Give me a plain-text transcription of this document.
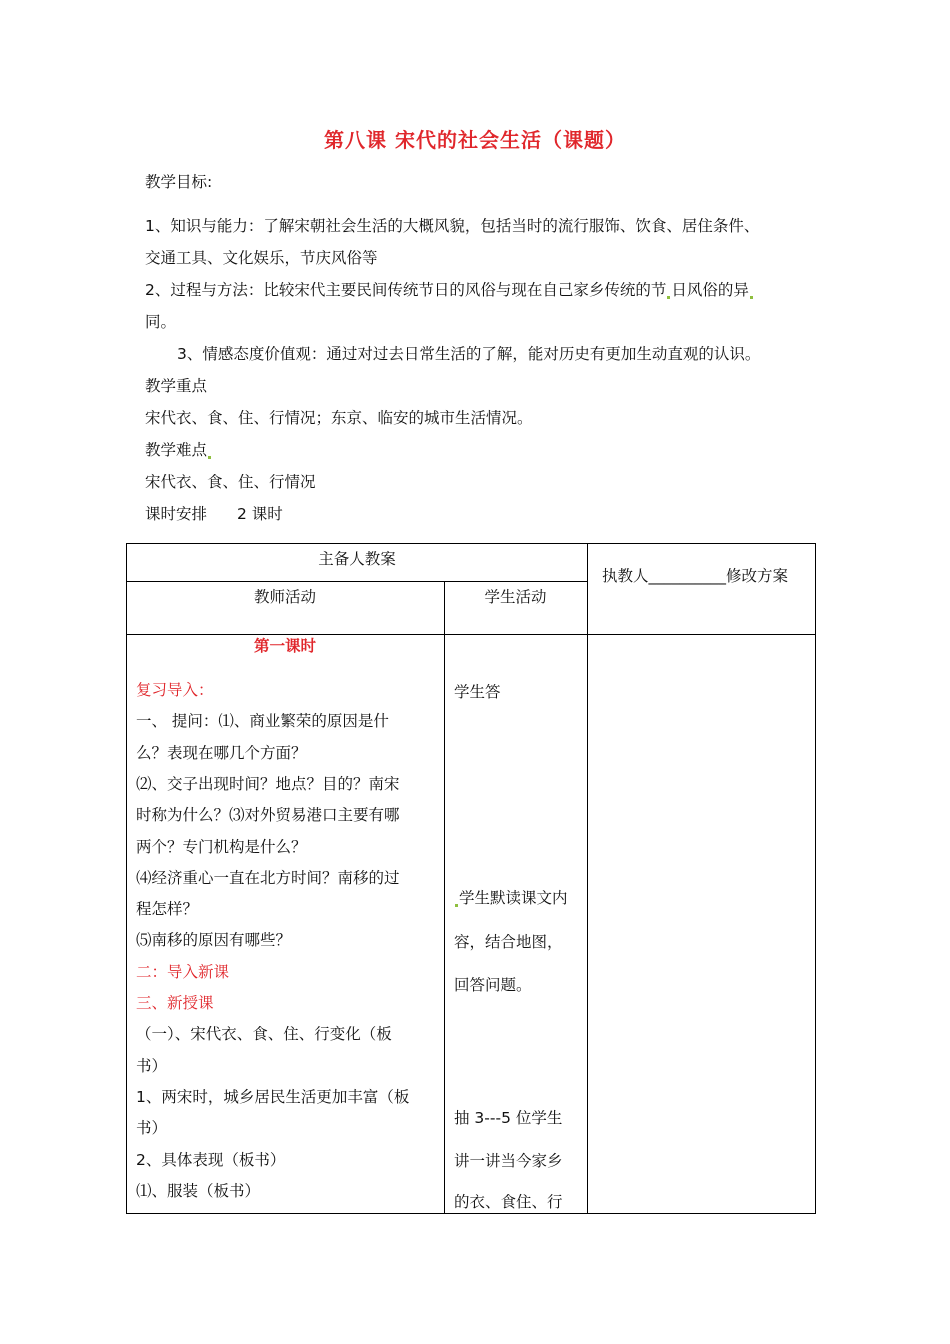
第八课 宋代的社会生活（课题）
教学目标:
1、知识与能力：了解宋朝社会生活的大概风貌，包括当时的流行服饰、饮食、居住条件、
交通工具、文化娱乐，节庆风俗等
2、过程与方法：比较宋代主要民间传统节日的风俗与现在自己家乡传统的节 日风俗的异
同。
3、情感态度价值观：通过对过去日常生活的了解，能对历史有更加生动直观的认识。
教学重点
宋代衣、食、住、行情况；东京、临安的城市生活情况。
教学难点
宋代衣、食、住、行情况
课时安排 2 课时
主备人教案
教师活动	学生活动
执教人__________修改方案
第一课时
复习导入：
一、 提问：⑴、商业繁荣的原因是什
么？表现在哪几个方面？
⑵、交子出现时间？地点？目的？南宋
时称为什么？⑶对外贸易港口主要有哪
两个？专门机构是什么？
⑷经济重心一直在北方时间？南移的过
程怎样？
⑸南移的原因有哪些？
二：导入新课
三、新授课
（一）、宋代衣、食、住、行变化（板
书）
1、两宋时，城乡居民生活更加丰富（板
书）
2、具体表现（板书）
⑴、服装（板书）
学生答
学生默读课文内
容，结合地图，
回答问题。
抽 3---5 位学生
讲一讲当今家乡
的衣、食住、行
